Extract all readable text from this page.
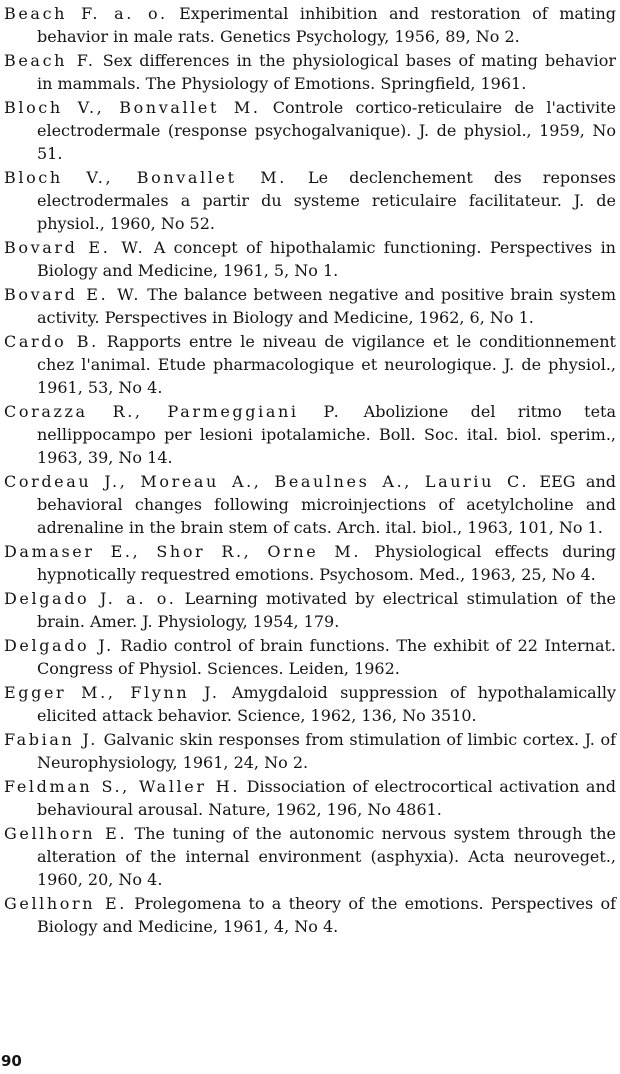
Beach F. a. o. Experimental inhibition and restoration of mating behavior in male rats. Genetics Psychology, 1956, 89, No 2.

Beach F. Sex differences in the physiological bases of mating behavior in mammals. The Physiology of Emotions. Springfield, 1961.

Bloch V., Bonvallet M. Controle cortico-reticulaire de l'activite electrodermale (response psychogalvanique). J. de physiol., 1959, No 51.

Bloch V., Bonvallet M. Le declenchement des reponses electrodermales a partir du systeme reticulaire facilitateur. J. de physiol., 1960, No 52.

Bovard E. W. A concept of hipothalamic functioning. Perspectives in Biology and Medicine, 1961, 5, No 1.

Bovard E. W. The balance between negative and positive brain system activity. Perspectives in Biology and Medicine, 1962, 6, No 1.

Cardo B. Rapports entre le niveau de vigilance et le conditionnement chez l'animal. Etude pharmacologique et neurologique. J. de physiol., 1961, 53, No 4.

Corazza R., Parmeggiani P. Abolizione del ritmo teta nellippocampo per lesioni ipotalamiche. Boll. Soc. ital. biol. sperim., 1963, 39, No 14.

Cordeau J., Moreau A., Beaulnes A., Lauriu C. EEG and behavioral changes following microinjections of acetylcholine and adrenaline in the brain stem of cats. Arch. ital. biol., 1963, 101, No 1.

Damaser E., Shor R., Orne M. Physiological effects during hypnotically requestred emotions. Psychosom. Med., 1963, 25, No 4.

Delgado J. a. o. Learning motivated by electrical stimulation of the brain. Amer. J. Physiology, 1954, 179.

Delgado J. Radio control of brain functions. The exhibit of 22 Internat. Congress of Physiol. Sciences. Leiden, 1962.

Egger M., Flynn J. Amygdaloid suppression of hypothalamically elicited attack behavior. Science, 1962, 136, No 3510.

Fabian J. Galvanic skin responses from stimulation of limbic cortex. J. of Neurophysiology, 1961, 24, No 2.

Feldman S., Waller H. Dissociation of electrocortical activation and behavioural arousal. Nature, 1962, 196, No 4861.

Gellhorn E. The tuning of the autonomic nervous system through the alteration of the internal environment (asphyxia). Acta neuroveget., 1960, 20, No 4.

Gellhorn E. Prolegomena to a theory of the emotions. Perspectives of Biology and Medicine, 1961, 4, No 4.

90
